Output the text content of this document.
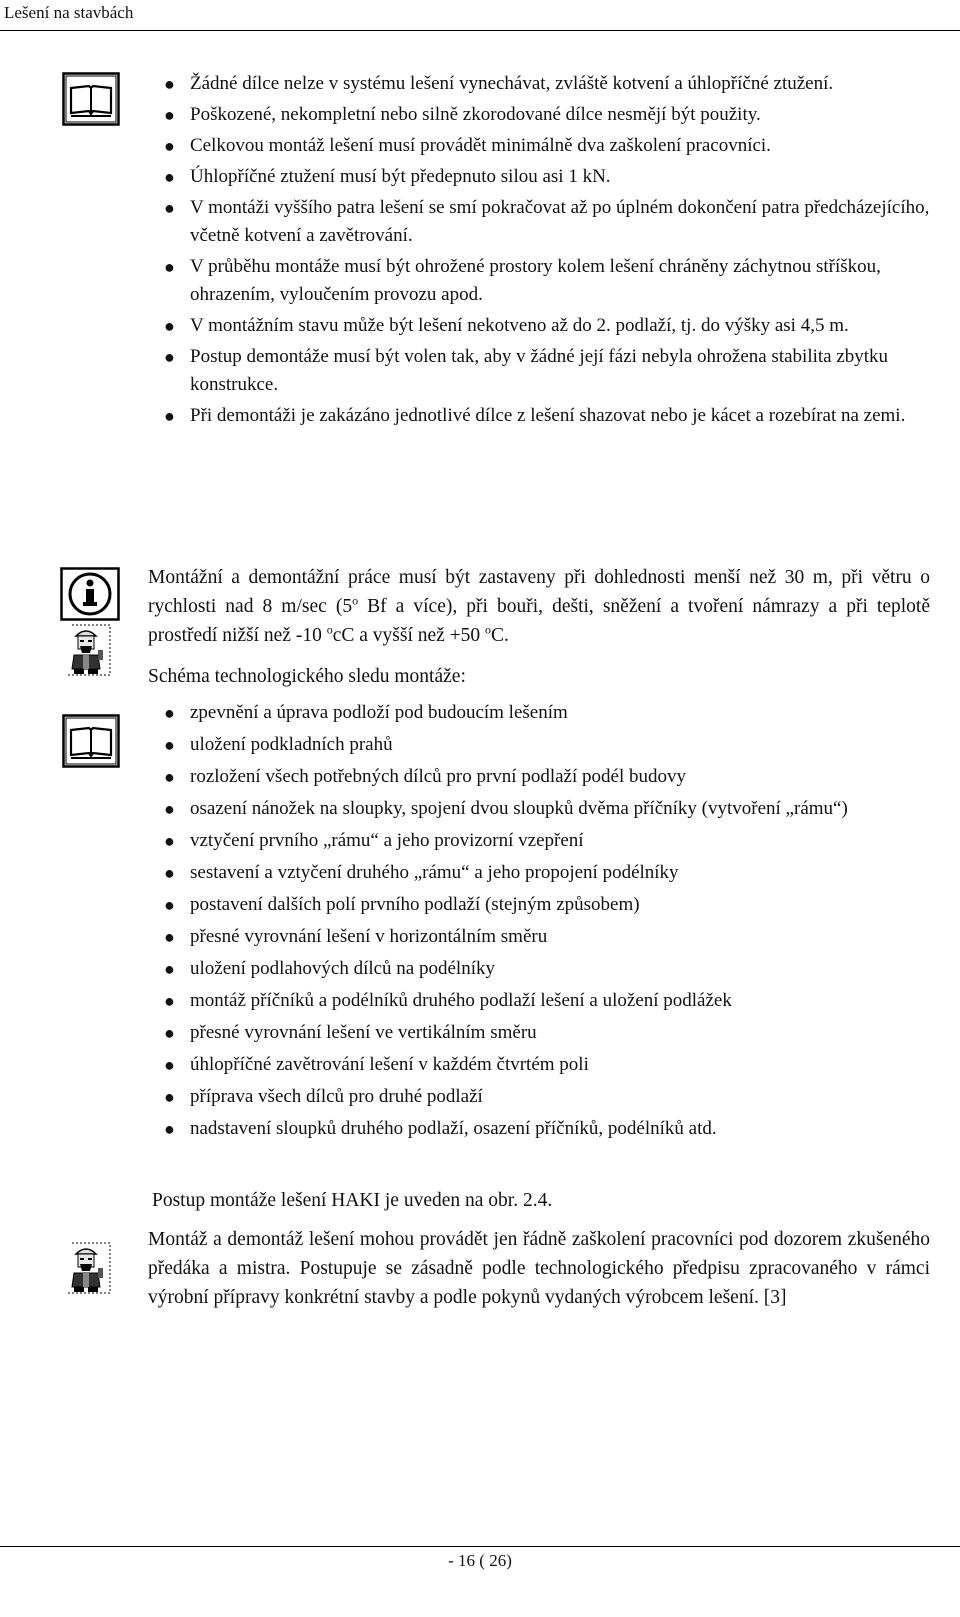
Lešení na stavbách
● Žádné dílce nelze v systému lešení vynechávat, zvláště kotvení a úhlopříčné ztužení.
● Poškozené, nekompletní nebo silně zkorodované dílce nesmějí být použity.
● Celkovou montáž lešení musí provádět minimálně dva zaškolení pracovníci.
● Úhlopříčné ztužení musí být předepnuto silou asi 1 kN.
● V montáži vyššího patra lešení se smí pokračovat až po úplném dokončení patra předcházejícího, včetně kotvení a zavětrování.
● V průběhu montáže musí být ohrožené prostory kolem lešení chráněny záchytnou stříškou, ohrazením, vyloučením provozu apod.
● V montážním stavu může být lešení nekotveno až do 2. podlaží, tj. do výšky asi 4,5 m.
● Postup demontáže musí být volen tak, aby v žádné její fázi nebyla ohrožena stabilita zbytku konstrukce.
● Při demontáži je zakázáno jednotlivé dílce z lešení shazovat nebo je kácet a rozebírat na zemi.

Montážní a demontážní práce musí být zastaveny při dohlednosti menší než 30 m, při větru o rychlosti nad 8 m/sec (5$^o$ Bf a více), při bouři, dešti, sněžení a tvoření námrazy a při teplotě prostředí nižší než -10 $^o$cC a vyšší než +50 $^o$C.

Schéma technologického sledu montáže:

● zpevnění a úprava podloží pod budoucím lešením
● uložení podkladních prahů
● rozložení všech potřebných dílců pro první podlaží podél budovy
● osazení nánožek na sloupky, spojení dvou sloupků dvěma příčníky (vytvoření „rámu“)
● vztyčení prvního „rámu“ a jeho provizorní vzepření
● sestavení a vztyčení druhého „rámu“ a jeho propojení podélníky
● postavení dalších polí prvního podlaží (stejným způsobem)
● přesné vyrovnání lešení v horizontálním směru
● uložení podlahových dílců na podélníky
● montáž příčníků a podélníků druhého podlaží lešení a uložení podlážek
● přesné vyrovnání lešení ve vertikálním směru
● úhlopříčné zavětrování lešení v každém čtvrtém poli
● příprava všech dílců pro druhé podlaží
● nadstavení sloupků druhého podlaží, osazení příčníků, podélníků atd.

Postup montáže lešení HAKI je uveden na obr. 2.4.

Montáž a demontáž lešení mohou provádět jen řádně zaškolení pracovníci pod dozorem zkušeného předáka a mistra. Postupuje se zásadně podle technologického předpisu zpracovaného v rámci výrobní přípravy konkrétní stavby a podle pokynů vydaných výrobcem lešení. [3]

- 16 ( 26)
